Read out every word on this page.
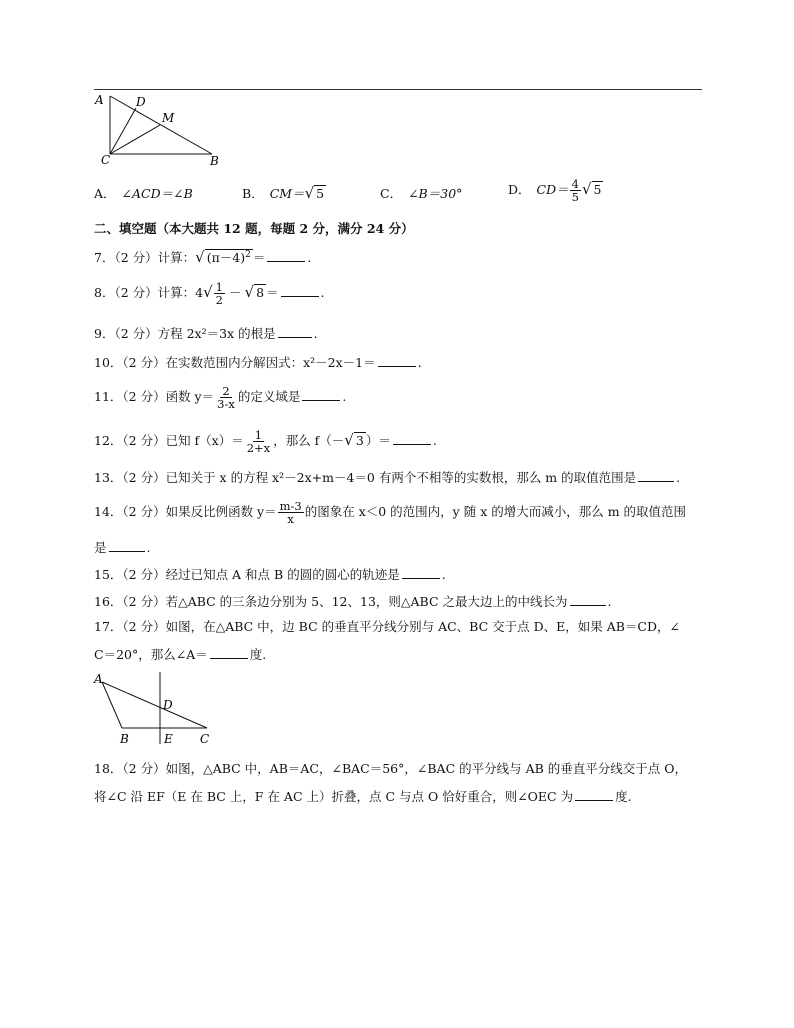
A	D
M
C	B
A． ∠ACD＝∠B	B． CM＝√ 5	C． ∠B＝30°	D． $CD= \frac{4}{5}$ √ 5
二、填空题（本大题共 12 题，每题 2 分，满分 24 分）
7．（2 分）计算：√ $(\pi-4)^2$ ＝	.
8．（2 分）计算：$4√ \frac{1}{2}$ － √ 8 ＝	.
9．（2 分）方程 2x²＝3x 的根是	.
10．（2 分）在实数范围内分解因式：x²－2x－1＝	.
11．（2 分）函数 $y= \frac{2}{3-x}$ 的定义域是	.
12．（2 分）已知 $f(x)= \frac{1}{2+x}$ ，那么 f（－√ 3 ）＝	.
13．（2 分）已知关于 x 的方程 x²－2x+m－4＝0 有两个不相等的实数根，那么 m 的取值范围是	.
14．（2 分）如果反比例函数 $y= \frac{m-3}{x}$ 的图象在 x＜0 的范围内，y 随 x 的增大而减小，那么 m 的取值范围
是	.
15．（2 分）经过已知点 A 和点 B 的圆的圆心的轨迹是	.
16．（2 分）若△ABC 的三条边分别为 5、12、13，则△ABC 之最大边上的中线长为	.
17．（2 分）如图，在△ABC 中，边 BC 的垂直平分线分别与 AC、BC 交于点 D、E，如果 AB＝CD，∠
C＝20°，那么∠A＝	度.
A
D
B	E C
18．（2 分）如图，△ABC 中，AB＝AC，∠BAC＝56°，∠BAC 的平分线与 AB 的垂直平分线交于点 O，
将∠C 沿 EF（E 在 BC 上，F 在 AC 上）折叠，点 C 与点 O 恰好重合，则∠OEC 为	度.
